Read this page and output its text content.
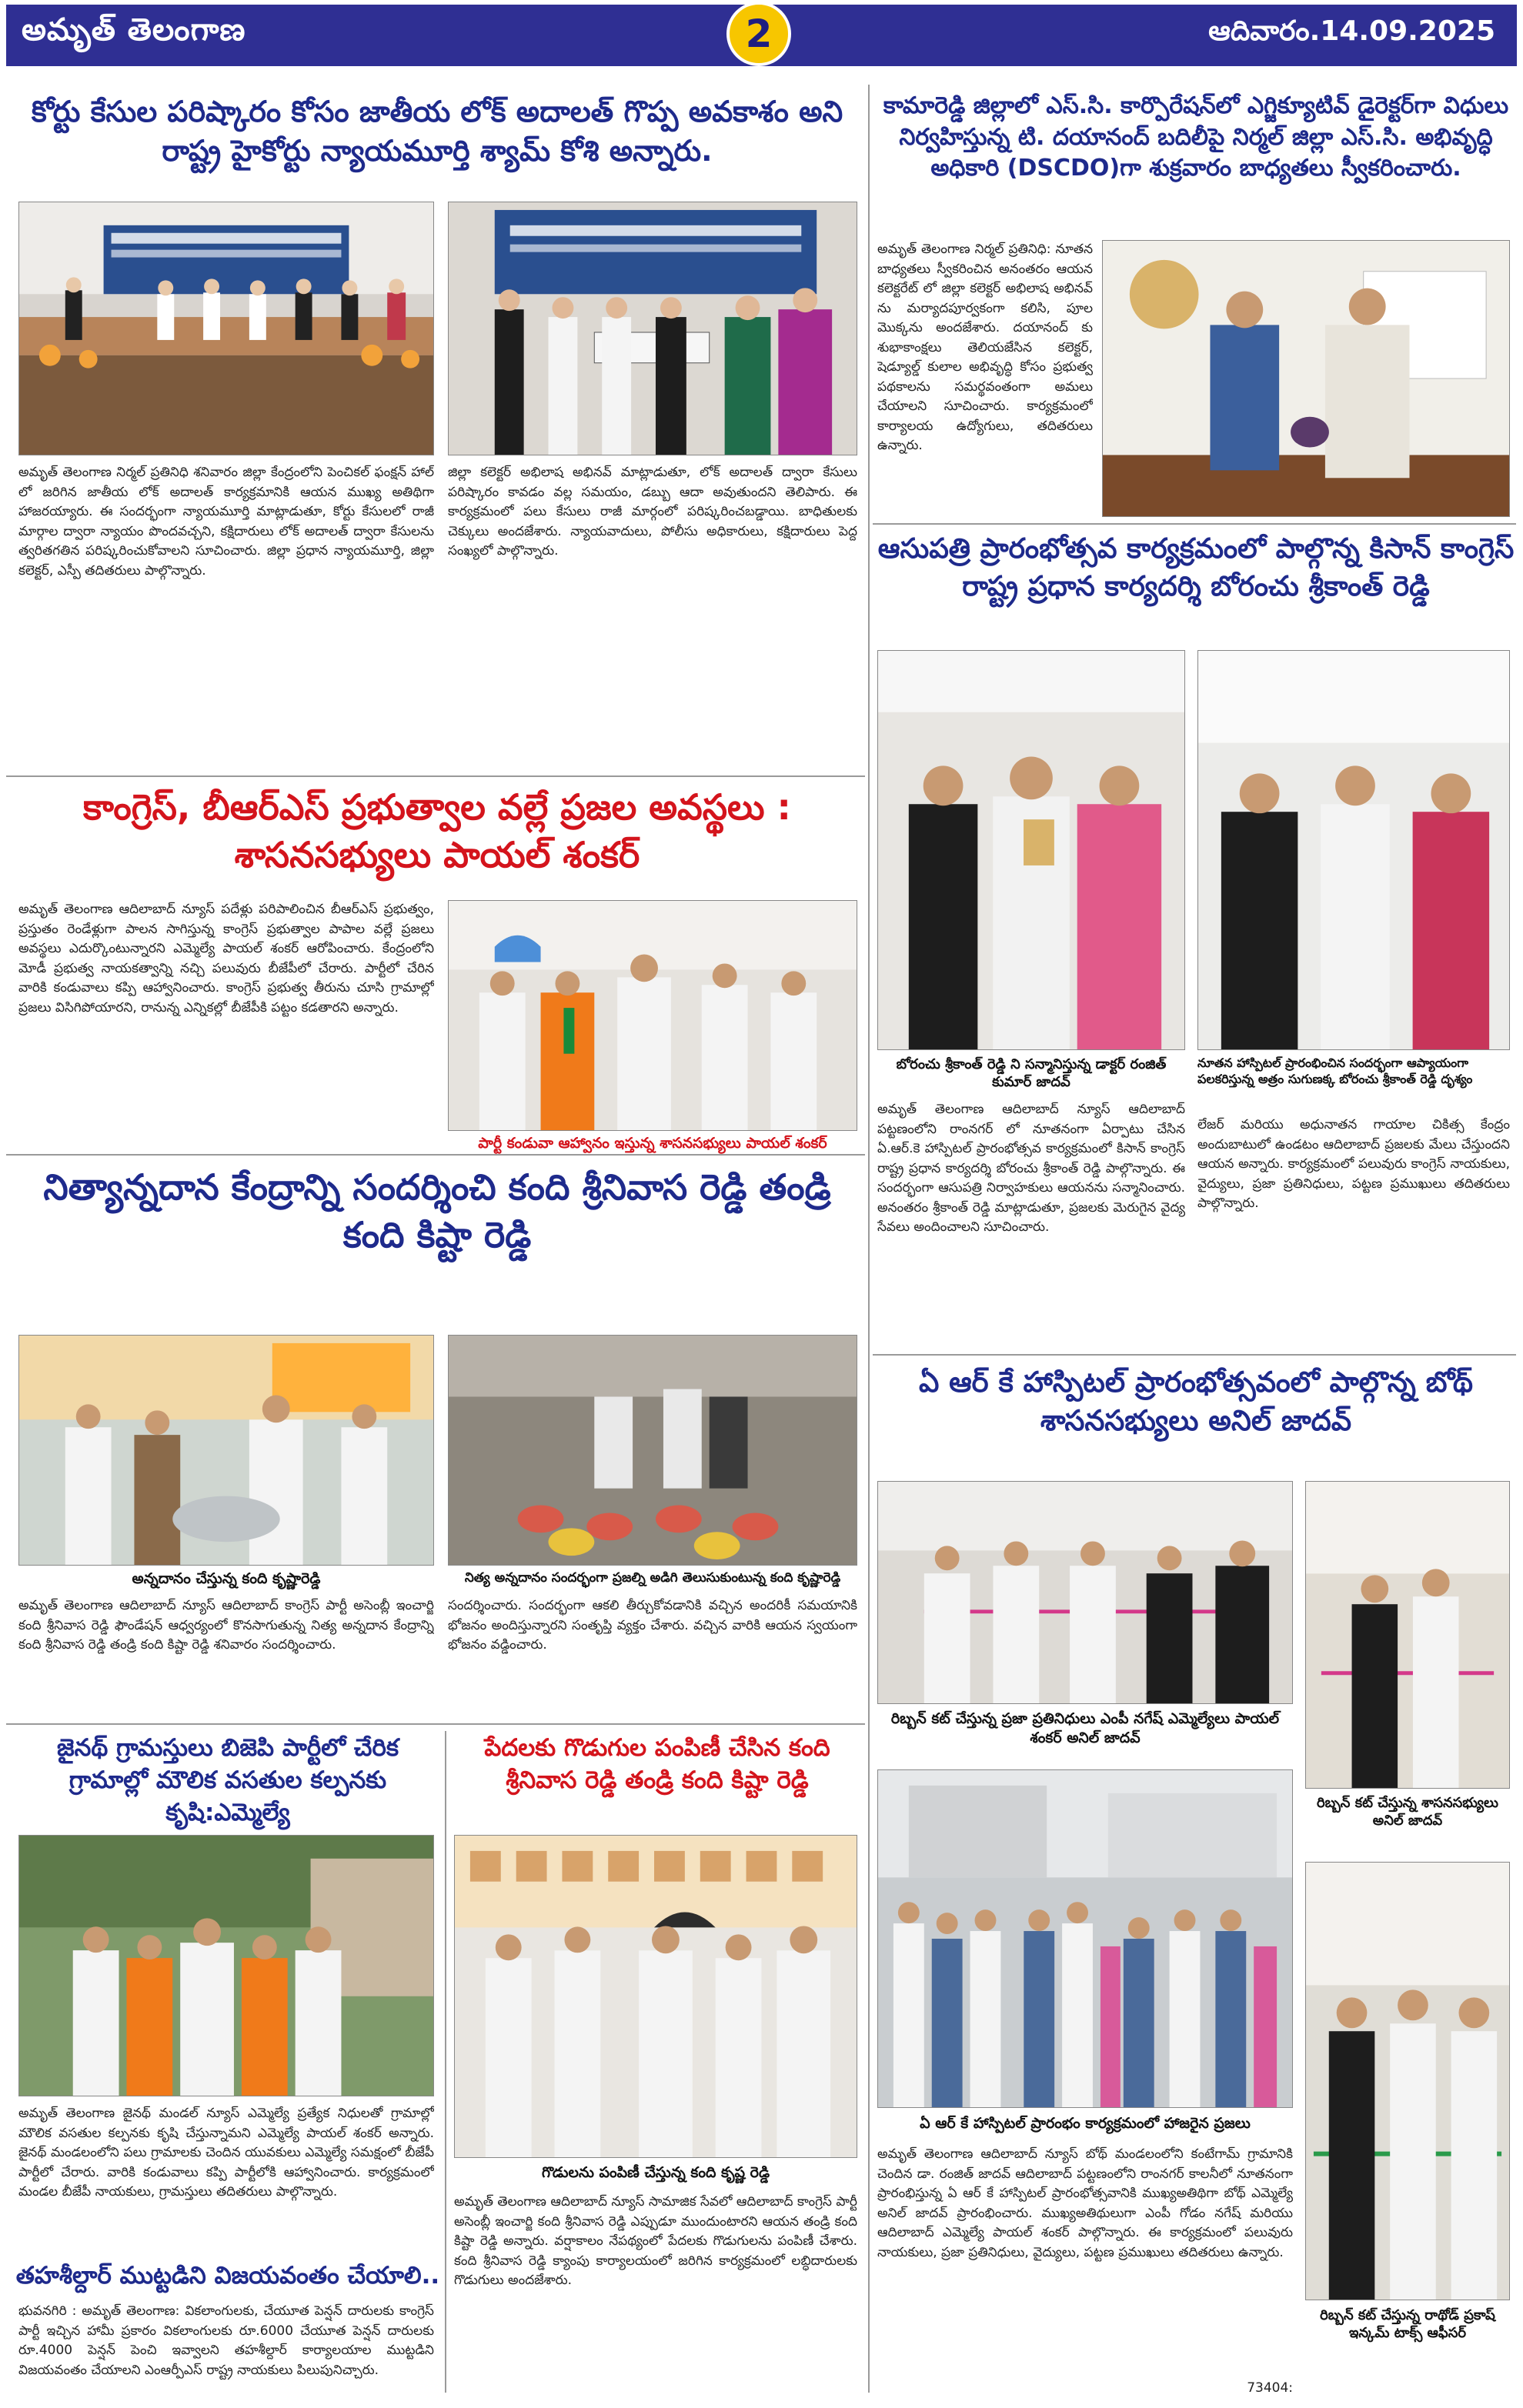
అమృత్ తెలంగాణ	ఆదివారం.14.09.2025
2
కోర్టు కేసుల పరిష్కారం కోసం జాతీయ లోక్ అదాలత్ గొప్ప అవకాశం అని రాష్ట్ర హైకోర్టు న్యాయమూర్తి శ్యామ్ కోశి అన్నారు.
అమృత్ తెలంగాణ నిర్మల్ ప్రతినిధి శనివారం జిల్లా కేంద్రంలోని పెంచికల్ ఫంక్షన్ హాల్ లో జరిగిన జాతీయ లోక్ అదాలత్ కార్యక్రమానికి ఆయన ముఖ్య అతిథిగా హాజరయ్యారు. ఈ సందర్భంగా న్యాయమూర్తి మాట్లాడుతూ, కోర్టు కేసులలో రాజీ మార్గాల ద్వారా న్యాయం పొందవచ్చని, కక్షిదారులు లోక్ అదాలత్ ద్వారా కేసులను త్వరితగతిన పరిష్కరించుకోవాలని సూచించారు. జిల్లా ప్రధాన న్యాయమూర్తి, జిల్లా కలెక్టర్, ఎస్పీ తదితరులు పాల్గొన్నారు.
జిల్లా కలెక్టర్ అభిలాష అభినవ్ మాట్లాడుతూ, లోక్ అదాలత్ ద్వారా కేసులు పరిష్కారం కావడం వల్ల సమయం, డబ్బు ఆదా అవుతుందని తెలిపారు. ఈ కార్యక్రమంలో పలు కేసులు రాజీ మార్గంలో పరిష్కరించబడ్డాయి. బాధితులకు చెక్కులు అందజేశారు. న్యాయవాదులు, పోలీసు అధికారులు, కక్షిదారులు పెద్ద సంఖ్యలో పాల్గొన్నారు.
కాంగ్రెస్, బీఆర్ఎస్ ప్రభుత్వాల వల్లే ప్రజల అవస్థలు : శాసనసభ్యులు పాయల్ శంకర్
అమృత్ తెలంగాణ ఆదిలాబాద్ న్యూస్ పదేళ్లు పరిపాలించిన బీఆర్ఎస్ ప్రభుత్వం, ప్రస్తుతం రెండేళ్లుగా పాలన సాగిస్తున్న కాంగ్రెస్ ప్రభుత్వాల పాపాల వల్లే ప్రజలు అవస్థలు ఎదుర్కొంటున్నారని ఎమ్మెల్యే పాయల్ శంకర్ ఆరోపించారు. కేంద్రంలోని మోడీ ప్రభుత్వ నాయకత్వాన్ని నచ్చి పలువురు బీజేపీలో చేరారు. పార్టీలో చేరిన వారికి కండువాలు కప్పి ఆహ్వానించారు. కాంగ్రెస్ ప్రభుత్వ తీరును చూసి గ్రామాల్లో ప్రజలు విసిగిపోయారని, రానున్న ఎన్నికల్లో బీజేపీకి పట్టం కడతారని అన్నారు.
పార్టీ కండువా ఆహ్వానం ఇస్తున్న శాసనసభ్యులు పాయల్ శంకర్
నిత్యాన్నదాన కేంద్రాన్ని సందర్శించి కంది శ్రీనివాస రెడ్డి తండ్రి కంది కిష్టా రెడ్డి
అన్నదానం చేస్తున్న కంది కృష్ణారెడ్డి	నిత్య అన్నదానం సందర్భంగా ప్రజల్ని అడిగి తెలుసుకుంటున్న కంది కృష్ణారెడ్డి
అమృత్ తెలంగాణ ఆదిలాబాద్ న్యూస్ ఆదిలాబాద్ కాంగ్రెస్ పార్టీ అసెంబ్లీ ఇంచార్జి కంది శ్రీనివాస రెడ్డి ఫౌండేషన్ ఆధ్వర్యంలో కొనసాగుతున్న నిత్య అన్నదాన కేంద్రాన్ని కంది శ్రీనివాస రెడ్డి తండ్రి కంది కిష్టా రెడ్డి శనివారం సందర్శించారు.
సందర్శించారు. సందర్భంగా ఆకలి తీర్చుకోవడానికి వచ్చిన అందరికీ సమయానికి భోజనం అందిస్తున్నారని సంతృప్తి వ్యక్తం చేశారు. వచ్చిన వారికి ఆయన స్వయంగా భోజనం వడ్డించారు.
జైనథ్ గ్రామస్తులు బిజెపి పార్టీలో చేరిక గ్రామాల్లో మౌలిక వసతుల కల్పనకు కృషి:ఎమ్మెల్యే
అమృత్ తెలంగాణ జైనథ్ మండల్ న్యూస్ ఎమ్మెల్యే ప్రత్యేక నిధులతో గ్రామాల్లో మౌలిక వసతుల కల్పనకు కృషి చేస్తున్నామని ఎమ్మెల్యే పాయల్ శంకర్ అన్నారు. జైనథ్ మండలంలోని పలు గ్రామాలకు చెందిన యువకులు ఎమ్మెల్యే సమక్షంలో బీజేపీ పార్టీలో చేరారు. వారికి కండువాలు కప్పి పార్టీలోకి ఆహ్వానించారు. కార్యక్రమంలో మండల బీజేపీ నాయకులు, గ్రామస్తులు తదితరులు పాల్గొన్నారు.
తహశీల్దార్ ముట్టడిని విజయవంతం చేయాలి..
భువనగిరి : అమృత్ తెలంగాణ: వికలాంగులకు, చేయూత పెన్షన్ దారులకు కాంగ్రెస్ పార్టీ ఇచ్చిన హామీ ప్రకారం వికలాంగులకు రూ.6000 చేయూత పెన్షన్ దారులకు రూ.4000 పెన్షన్ పెంచి ఇవ్వాలని తహశీల్దార్ కార్యాలయాల ముట్టడిని విజయవంతం చేయాలని ఎంఆర్పీఎస్ రాష్ట్ర నాయకులు పిలుపునిచ్చారు.
పేదలకు గొడుగుల పంపిణీ చేసిన కంది శ్రీనివాస రెడ్డి తండ్రి కంది కిష్టా రెడ్డి
గొడులను పంపిణీ చేస్తున్న కంది కృష్ణ రెడ్డి
అమృత్ తెలంగాణ ఆదిలాబాద్ న్యూస్ సామాజిక సేవలో ఆదిలాబాద్ కాంగ్రెస్ పార్టీ అసెంబ్లీ ఇంచార్జి కంది శ్రీనివాస రెడ్డి ఎప్పుడూ ముందుంటారని ఆయన తండ్రి కంది కిష్టా రెడ్డి అన్నారు. వర్షాకాలం నేపథ్యంలో పేదలకు గొడుగులను పంపిణీ చేశారు. కంది శ్రీనివాస రెడ్డి క్యాంపు కార్యాలయంలో జరిగిన కార్యక్రమంలో లబ్ధిదారులకు గొడుగులు అందజేశారు.
కామారెడ్డి జిల్లాలో ఎస్.సి. కార్పొరేషన్‌లో ఎగ్జిక్యూటివ్ డైరెక్టర్‌గా విధులు నిర్వహిస్తున్న టి. దయానంద్ బదిలీపై నిర్మల్ జిల్లా ఎస్.సి. అభివృద్ధి అధికారి (DSCDO)గా శుక్రవారం బాధ్యతలు స్వీకరించారు.
అమృత్ తెలంగాణ నిర్మల్ ప్రతినిధి: నూతన బాధ్యతలు స్వీకరించిన అనంతరం ఆయన కలెక్టరేట్ లో జిల్లా కలెక్టర్ అభిలాష అభినవ్ ను మర్యాదపూర్వకంగా కలిసి, పూల మొక్కను అందజేశారు. దయానంద్ కు శుభాకాంక్షలు తెలియజేసిన కలెక్టర్, షెడ్యూల్డ్ కులాల అభివృద్ధి కోసం ప్రభుత్వ పథకాలను సమర్థవంతంగా అమలు చేయాలని సూచించారు. కార్యక్రమంలో కార్యాలయ ఉద్యోగులు, తదితరులు ఉన్నారు.
ఆసుపత్రి ప్రారంభోత్సవ కార్యక్రమంలో పాల్గొన్న కిసాన్ కాంగ్రెస్ రాష్ట్ర ప్రధాన కార్యదర్శి బోరంచు శ్రీకాంత్ రెడ్డి
బోరంచు శ్రీకాంత్ రెడ్డి ని సన్మానిస్తున్న డాక్టర్ రంజిత్ కుమార్ జాదవ్
నూతన హాస్పిటల్ ప్రారంభించిన సందర్భంగా ఆప్యాయంగా పలకరిస్తున్న అత్రం సుగుణక్క బోరంచు శ్రీకాంత్ రెడ్డి దృశ్యం
అమృత్ తెలంగాణ ఆదిలాబాద్ న్యూస్ ఆదిలాబాద్ పట్టణంలోని రాంనగర్ లో నూతనంగా ఏర్పాటు చేసిన ఏ.ఆర్.కె హాస్పిటల్ ప్రారంభోత్సవ కార్యక్రమంలో కిసాన్ కాంగ్రెస్ రాష్ట్ర ప్రధాన కార్యదర్శి బోరంచు శ్రీకాంత్ రెడ్డి పాల్గొన్నారు. ఈ సందర్భంగా ఆసుపత్రి నిర్వాహకులు ఆయనను సన్మానించారు. అనంతరం శ్రీకాంత్ రెడ్డి మాట్లాడుతూ, ప్రజలకు మెరుగైన వైద్య సేవలు అందించాలని సూచించారు.
లేజర్ మరియు అధునాతన గాయాల చికిత్స కేంద్రం అందుబాటులో ఉండటం ఆదిలాబాద్ ప్రజలకు మేలు చేస్తుందని ఆయన అన్నారు. కార్యక్రమంలో పలువురు కాంగ్రెస్ నాయకులు, వైద్యులు, ప్రజా ప్రతినిధులు, పట్టణ ప్రముఖులు తదితరులు పాల్గొన్నారు.
ఏ ఆర్ కే హాస్పిటల్ ప్రారంభోత్సవంలో పాల్గొన్న బోథ్ శాసనసభ్యులు అనిల్ జాదవ్
రిబ్బన్ కట్ చేస్తున్న ప్రజా ప్రతినిధులు ఎంపీ నగేష్ ఎమ్మెల్యేలు పాయల్ శంకర్ అనిల్ జాదవ్
రిబ్బన్ కట్ చేస్తున్న శాసనసభ్యులు అనిల్ జాదవ్
ఏ ఆర్ కే హాస్పిటల్ ప్రారంభం కార్యక్రమంలో హాజరైన ప్రజలు
రిబ్బన్ కట్ చేస్తున్న రాథోడ్ ప్రకాష్ ఇన్కమ్ టాక్స్ ఆఫీసర్
అమృత్ తెలంగాణ ఆదిలాబాద్ న్యూస్ బోథ్ మండలంలోని కంటేగామ్ గ్రామానికి చెందిన డా. రంజిత్ జాదవ్ ఆదిలాబాద్ పట్టణంలోని రాంనగర్ కాలనీలో నూతనంగా ప్రారంభిస్తున్న ఏ ఆర్ కే హాస్పిటల్ ప్రారంభోత్సవానికి ముఖ్యఅతిథిగా బోథ్ ఎమ్మెల్యే అనిల్ జాదవ్ ప్రారంభించారు. ముఖ్యఅతిథులుగా ఎంపీ గోడం నగేష్ మరియు ఆదిలాబాద్ ఎమ్మెల్యే పాయల్ శంకర్ పాల్గొన్నారు. ఈ కార్యక్రమంలో పలువురు నాయకులు, ప్రజా ప్రతినిధులు, వైద్యులు, పట్టణ ప్రముఖులు తదితరులు ఉన్నారు.
73404:
